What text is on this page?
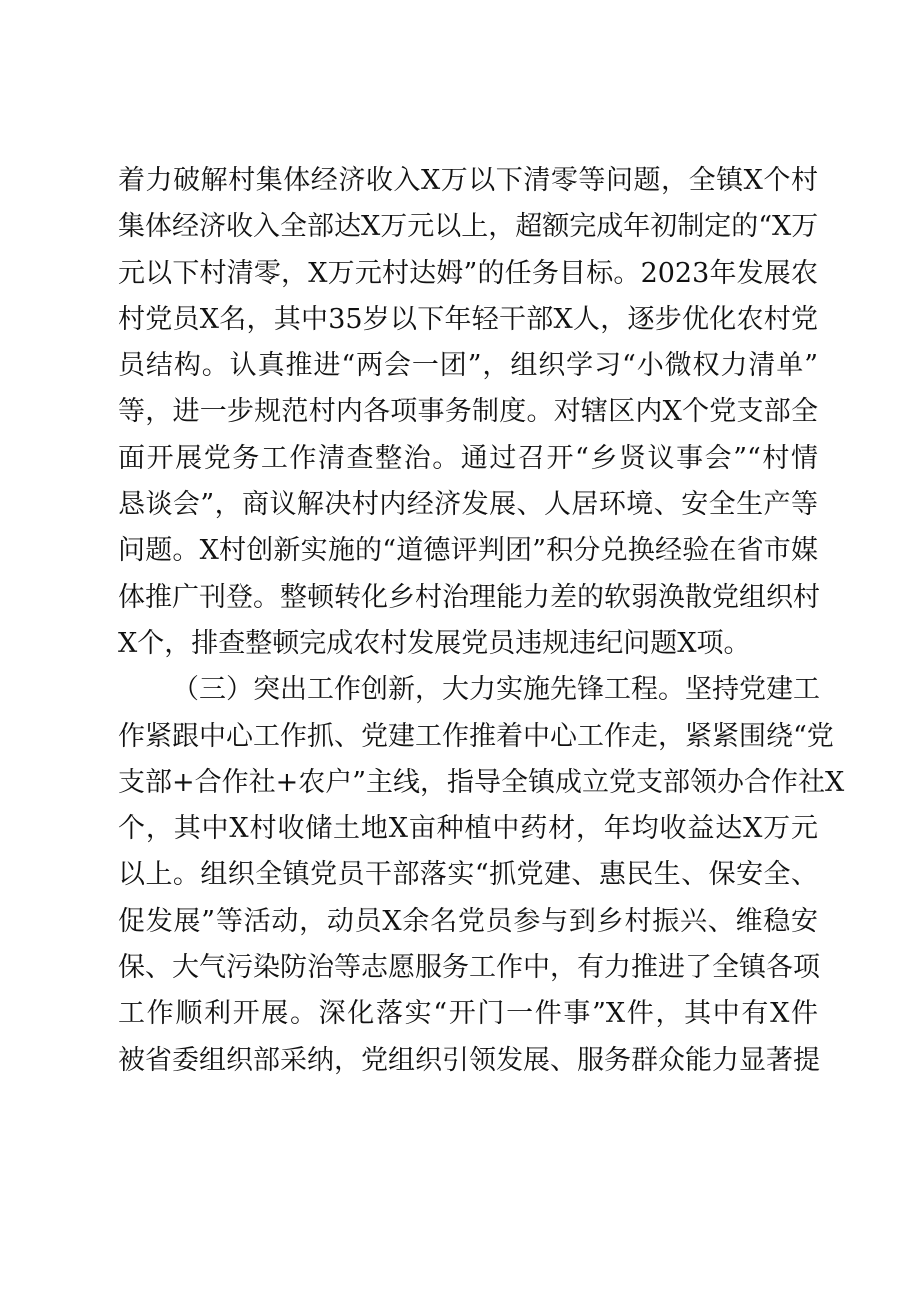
着力破解村集体经济收入X万以下清零等问题，全镇X个村
集体经济收入全部达X万元以上，超额完成年初制定的“X万
元以下村清零，X万元村达姆”的任务目标。2023年发展农
村党员X名，其中35岁以下年轻干部X人，逐步优化农村党
员结构。认真推进“两会一团”，组织学习“小微权力清单”
等，进一步规范村内各项事务制度。对辖区内X个党支部全
面开展党务工作清查整治。通过召开“乡贤议事会”“村情
恳谈会”，商议解决村内经济发展、人居环境、安全生产等
问题。X村创新实施的“道德评判团”积分兑换经验在省市媒
体推广刊登。整顿转化乡村治理能力差的软弱涣散党组织村
X个，排查整顿完成农村发展党员违规违纪问题X项。
（三）突出工作创新，大力实施先锋工程。坚持党建工
作紧跟中心工作抓、党建工作推着中心工作走，紧紧围绕“党
支部+合作社+农户”主线，指导全镇成立党支部领办合作社X
个，其中X村收储土地X亩种植中药材，年均收益达X万元
以上。组织全镇党员干部落实“抓党建、惠民生、保安全、
促发展”等活动，动员X余名党员参与到乡村振兴、维稳安
保、大气污染防治等志愿服务工作中，有力推进了全镇各项
工作顺利开展。深化落实“开门一件事”X件，其中有X件
被省委组织部采纳，党组织引领发展、服务群众能力显著提
